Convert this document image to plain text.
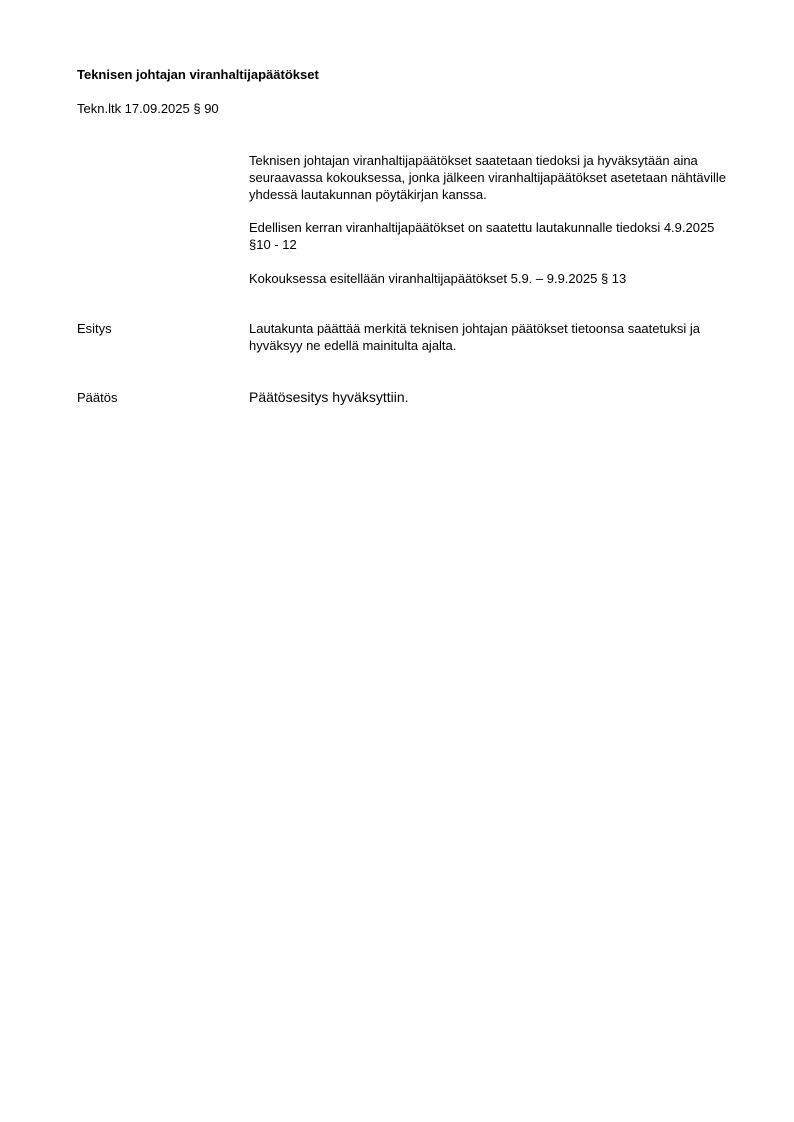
Teknisen johtajan viranhaltijapäätökset
Tekn.ltk 17.09.2025 § 90

Teknisen johtajan viranhaltijapäätökset saatetaan tiedoksi ja hyväksytään aina seuraavassa kokouksessa, jonka jälkeen viranhaltijapäätökset asetetaan nähtäville yhdessä lautakunnan pöytäkirjan kanssa.

Edellisen kerran viranhaltijapäätökset on saatettu lautakunnalle tiedoksi 4.9.2025 §10 - 12

Kokouksessa esitellään viranhaltijapäätökset 5.9. – 9.9.2025 § 13

Esitys	Lautakunta päättää merkitä teknisen johtajan päätökset tietoonsa saatetuksi ja hyväksyy ne edellä mainitulta ajalta.

Päätös	Päätösesitys hyväksyttiin.
